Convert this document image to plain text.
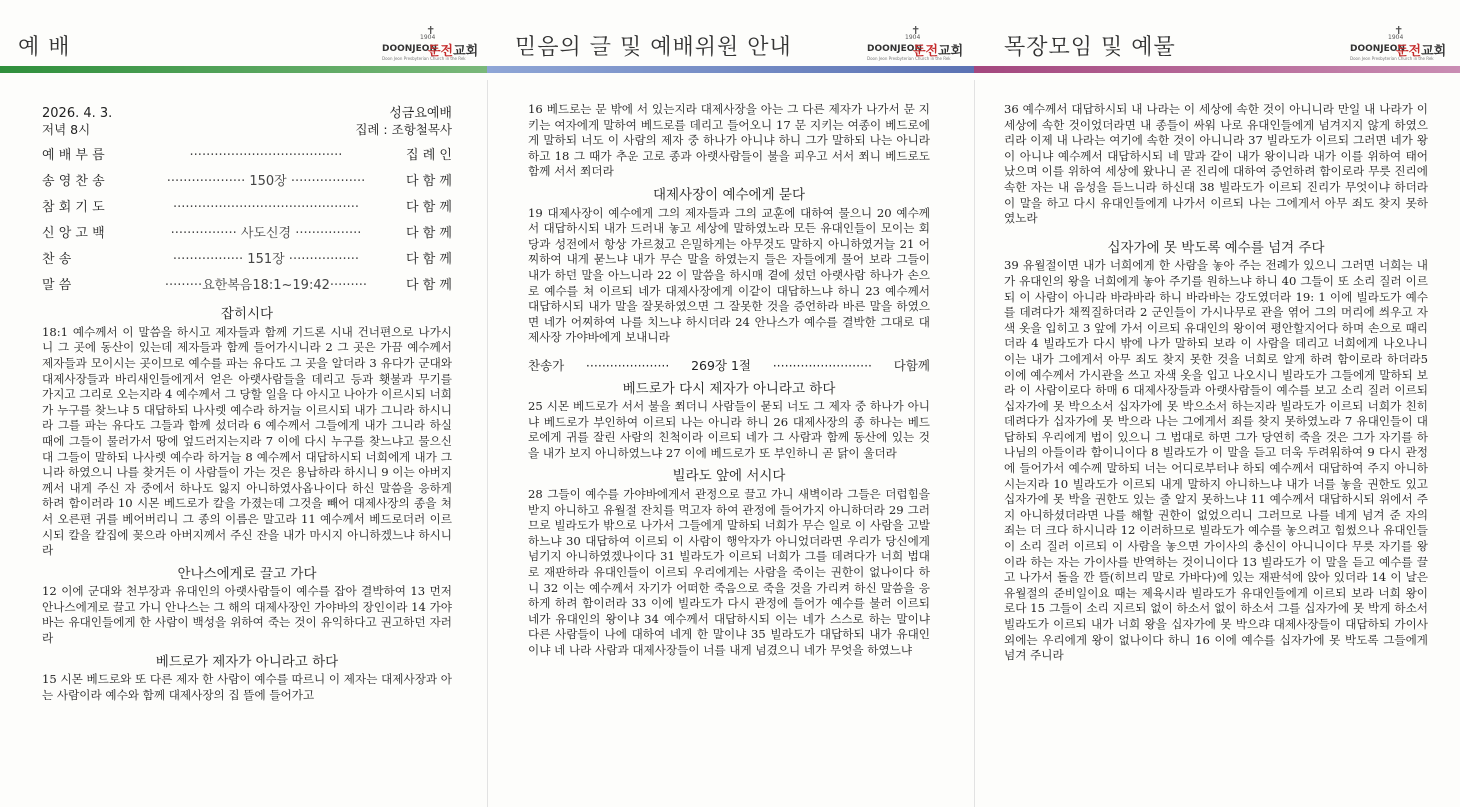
예 배
✝
1904
DOONJEON
둔전교회
Doon Jeon Presbyterian Church in the Rek 믿음의 글 및 예배위원 안내
✝
1904
DOONJEON
둔전교회
Doon Jeon Presbyterian Church in the Rek 목장모임 및 예물
✝
1904
DOONJEON
둔전교회
Doon Jeon Presbyterian Church in the Rek
2026. 4. 3.	성금요예배
저녁 8시	집례 : 조항철목사
예 배 부 름	·····································	집 례 인
송 영 찬 송	··················· 150장 ··················	다 함 께
참 회 기 도	·············································	다 함 께
신 앙 고 백	················ 사도신경 ················	다 함 께
찬 송	················· 151장 ·················	다 함 께
말 씀	·········요한복음18:1~19:42·········	다 함 께
잡히시다

18:1 예수께서 이 말씀을 하시고 제자들과 함께 기드론 시내 건너편으로 나가시니 그 곳에 동산이 있는데 제자들과 함께 들어가시니라 2 그 곳은 가끔 예수께서 제자들과 모이시는 곳이므로 예수를 파는 유다도 그 곳을 알더라 3 유다가 군대와 대제사장들과 바리새인들에게서 얻은 아랫사람들을 데리고 등과 횃불과 무기를 가지고 그리로 오는지라 4 예수께서 그 당할 일을 다 아시고 나아가 이르시되 너희가 누구를 찾느냐 5 대답하되 나사렛 예수라 하거늘 이르시되 내가 그니라 하시니라 그를 파는 유다도 그들과 함께 섰더라 6 예수께서 그들에게 내가 그니라 하실 때에 그들이 물러가서 땅에 엎드러지는지라 7 이에 다시 누구를 찾느냐고 물으신대 그들이 말하되 나사렛 예수라 하거늘 8 예수께서 대답하시되 너희에게 내가 그니라 하였으니 나를 찾거든 이 사람들이 가는 것은 용납하라 하시니 9 이는 아버지께서 내게 주신 자 중에서 하나도 잃지 아니하였사옵나이다 하신 말씀을 응하게 하려 함이러라 10 시몬 베드로가 칼을 가졌는데 그것을 빼어 대제사장의 종을 쳐서 오른편 귀를 베어버리니 그 종의 이름은 말고라 11 예수께서 베드로더러 이르시되 칼을 칼집에 꽂으라 아버지께서 주신 잔을 내가 마시지 아니하겠느냐 하시니라

안나스에게로 끌고 가다

12 이에 군대와 천부장과 유대인의 아랫사람들이 예수를 잡아 결박하여 13 먼저 안나스에게로 끌고 가니 안나스는 그 해의 대제사장인 가야바의 장인이라 14 가야바는 유대인들에게 한 사람이 백성을 위하여 죽는 것이 유익하다고 권고하던 자러라

베드로가 제자가 아니라고 하다

15 시몬 베드로와 또 다른 제자 한 사람이 예수를 따르니 이 제자는 대제사장과 아는 사람이라 예수와 함께 대제사장의 집 뜰에 들어가고

16 베드로는 문 밖에 서 있는지라 대제사장을 아는 그 다른 제자가 나가서 문 지키는 여자에게 말하여 베드로를 데리고 들어오니 17 문 지키는 여종이 베드로에게 말하되 너도 이 사람의 제자 중 하나가 아니냐 하니 그가 말하되 나는 아니라 하고 18 그 때가 추운 고로 종과 아랫사람들이 불을 피우고 서서 쬐니 베드로도 함께 서서 쬐더라

대제사장이 예수에게 묻다

19 대제사장이 예수에게 그의 제자들과 그의 교훈에 대하여 물으니 20 예수께서 대답하시되 내가 드러내 놓고 세상에 말하였노라 모든 유대인들이 모이는 회당과 성전에서 항상 가르쳤고 은밀하게는 아무것도 말하지 아니하였거늘 21 어찌하여 내게 묻느냐 내가 무슨 말을 하였는지 들은 자들에게 물어 보라 그들이 내가 하던 말을 아느니라 22 이 말씀을 하시매 곁에 섰던 아랫사람 하나가 손으로 예수를 쳐 이르되 네가 대제사장에게 이같이 대답하느냐 하니 23 예수께서 대답하시되 내가 말을 잘못하였으면 그 잘못한 것을 증언하라 바른 말을 하였으면 네가 어찌하여 나를 치느냐 하시더라 24 안나스가 예수를 결박한 그대로 대제사장 가야바에게 보내니라

찬송가 ····················· 269장 1절 ························· 다함께
베드로가 다시 제자가 아니라고 하다

25 시몬 베드로가 서서 불을 쬐더니 사람들이 묻되 너도 그 제자 중 하나가 아니냐 베드로가 부인하여 이르되 나는 아니라 하니 26 대제사장의 종 하나는 베드로에게 귀를 잘린 사람의 친척이라 이르되 네가 그 사람과 함께 동산에 있는 것을 내가 보지 아니하였느냐 27 이에 베드로가 또 부인하니 곧 닭이 울더라

빌라도 앞에 서시다

28 그들이 예수를 가야바에게서 관정으로 끌고 가니 새벽이라 그들은 더럽힘을 받지 아니하고 유월절 잔치를 먹고자 하여 관정에 들어가지 아니하더라 29 그러므로 빌라도가 밖으로 나가서 그들에게 말하되 너희가 무슨 일로 이 사람을 고발하느냐 30 대답하여 이르되 이 사람이 행악자가 아니었더라면 우리가 당신에게 넘기지 아니하였겠나이다 31 빌라도가 이르되 너희가 그를 데려다가 너희 법대로 재판하라 유대인들이 이르되 우리에게는 사람을 죽이는 권한이 없나이다 하니 32 이는 예수께서 자기가 어떠한 죽음으로 죽을 것을 가리켜 하신 말씀을 응하게 하려 함이러라 33 이에 빌라도가 다시 관정에 들어가 예수를 불러 이르되 네가 유대인의 왕이냐 34 예수께서 대답하시되 이는 네가 스스로 하는 말이냐 다른 사람들이 나에 대하여 네게 한 말이냐 35 빌라도가 대답하되 내가 유대인이냐 네 나라 사람과 대제사장들이 너를 내게 넘겼으니 네가 무엇을 하였느냐

36 예수께서 대답하시되 내 나라는 이 세상에 속한 것이 아니니라 만일 내 나라가 이 세상에 속한 것이었더라면 내 종들이 싸워 나로 유대인들에게 넘겨지지 않게 하였으리라 이제 내 나라는 여기에 속한 것이 아니니라 37 빌라도가 이르되 그러면 네가 왕이 아니냐 예수께서 대답하시되 네 말과 같이 내가 왕이니라 내가 이를 위하여 태어났으며 이를 위하여 세상에 왔나니 곧 진리에 대하여 증언하려 함이로라 무릇 진리에 속한 자는 내 음성을 듣느니라 하신대 38 빌라도가 이르되 진리가 무엇이냐 하더라 이 말을 하고 다시 유대인들에게 나가서 이르되 나는 그에게서 아무 죄도 찾지 못하였노라

십자가에 못 박도록 예수를 넘겨 주다

39 유월절이면 내가 너희에게 한 사람을 놓아 주는 전례가 있으니 그러면 너희는 내가 유대인의 왕을 너희에게 놓아 주기를 원하느냐 하니 40 그들이 또 소리 질러 이르되 이 사람이 아니라 바라바라 하니 바라바는 강도였더라 19: 1 이에 빌라도가 예수를 데려다가 채찍질하더라 2 군인들이 가시나무로 관을 엮어 그의 머리에 씌우고 자색 옷을 입히고 3 앞에 가서 이르되 유대인의 왕이여 평안할지어다 하며 손으로 때리더라 4 빌라도가 다시 밖에 나가 말하되 보라 이 사람을 데리고 너희에게 나오나니 이는 내가 그에게서 아무 죄도 찾지 못한 것을 너희로 알게 하려 함이로라 하더라5 이에 예수께서 가시관을 쓰고 자색 옷을 입고 나오시니 빌라도가 그들에게 말하되 보라 이 사람이로다 하매 6 대제사장들과 아랫사람들이 예수를 보고 소리 질러 이르되 십자가에 못 박으소서 십자가에 못 박으소서 하는지라 빌라도가 이르되 너희가 친히 데려다가 십자가에 못 박으라 나는 그에게서 죄를 찾지 못하였노라 7 유대인들이 대답하되 우리에게 법이 있으니 그 법대로 하면 그가 당연히 죽을 것은 그가 자기를 하나님의 아들이라 함이니이다 8 빌라도가 이 말을 듣고 더욱 두려워하여 9 다시 관정에 들어가서 예수께 말하되 너는 어디로부터냐 하되 예수께서 대답하여 주지 아니하시는지라 10 빌라도가 이르되 내게 말하지 아니하느냐 내가 너를 놓을 권한도 있고 십자가에 못 박을 권한도 있는 줄 알지 못하느냐 11 예수께서 대답하시되 위에서 주지 아니하셨더라면 나를 해할 권한이 없었으리니 그러므로 나를 네게 넘겨 준 자의 죄는 더 크다 하시니라 12 이러하므로 빌라도가 예수를 놓으려고 힘썼으나 유대인들이 소리 질러 이르되 이 사람을 놓으면 가이사의 충신이 아니니이다 무릇 자기를 왕이라 하는 자는 가이사를 반역하는 것이니이다 13 빌라도가 이 말을 듣고 예수를 끌고 나가서 돌을 깐 뜰(히브리 말로 가바다)에 있는 재판석에 앉아 있더라 14 이 날은 유월절의 준비일이요 때는 제육시라 빌라도가 유대인들에게 이르되 보라 너희 왕이로다 15 그들이 소리 지르되 없이 하소서 없이 하소서 그를 십자가에 못 박게 하소서 빌라도가 이르되 내가 너희 왕을 십자가에 못 박으랴 대제사장들이 대답하되 가이사 외에는 우리에게 왕이 없나이다 하니 16 이에 예수를 십자가에 못 박도록 그들에게 넘겨 주니라
